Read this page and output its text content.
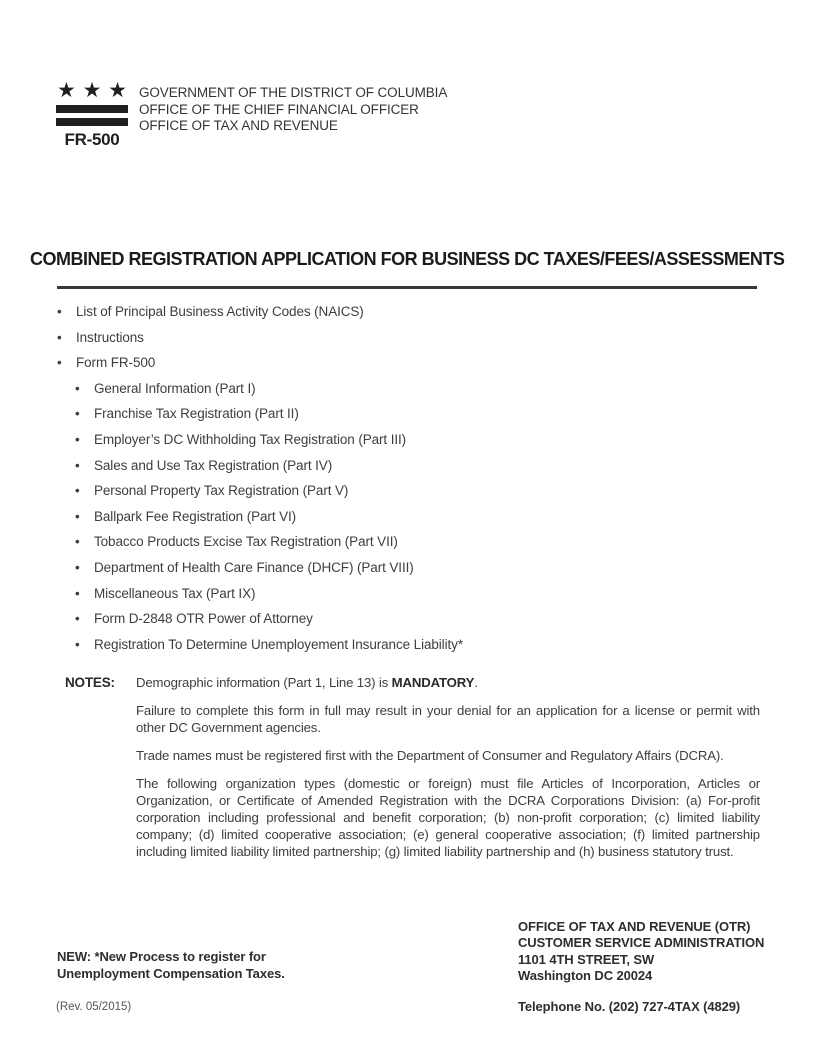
★ ★ ★
FR-500
GOVERNMENT OF THE DISTRICT OF COLUMBIA
OFFICE OF THE CHIEF FINANCIAL OFFICER
OFFICE OF TAX AND REVENUE
COMBINED REGISTRATION APPLICATION FOR BUSINESS DC TAXES/FEES/ASSESSMENTS
• List of Principal Business Activity Codes (NAICS)
• Instructions
• Form FR-500
• General Information (Part I)
• Franchise Tax Registration (Part II)
• Employer’s DC Withholding Tax Registration (Part III)
• Sales and Use Tax Registration (Part IV)
• Personal Property Tax Registration (Part V)
• Ballpark Fee Registration (Part VI)
• Tobacco Products Excise Tax Registration (Part VII)
• Department of Health Care Finance (DHCF) (Part VIII)
• Miscellaneous Tax (Part IX)
• Form D-2848 OTR Power of Attorney
• Registration To Determine Unemployement Insurance Liability*
NOTES:	Demographic information (Part 1, Line 13) is MANDATORY.

Failure to complete this form in full may result in your denial for an application for a license or permit with other DC Government agencies.

Trade names must be registered first with the Department of Consumer and Regulatory Affairs (DCRA).

The following organization types (domestic or foreign) must file Articles of Incorporation, Articles or Organization, or Certificate of Amended Registration with the DCRA Corporations Division: (a) For-profit corporation including professional and benefit corporation; (b) non-profit corporation; (c) limited liability company; (d) limited cooperative association; (e) general cooperative association; (f) limited partnership including limited liability limited partnership; (g) limited liability partnership and (h) business statutory trust.

NEW: *New Process to register for
Unemployment Compensation Taxes.
(Rev. 05/2015)
OFFICE OF TAX AND REVENUE (OTR)
CUSTOMER SERVICE ADMINISTRATION
1101 4TH STREET, SW
Washington DC 20024
Telephone No. (202) 727-4TAX (4829)
